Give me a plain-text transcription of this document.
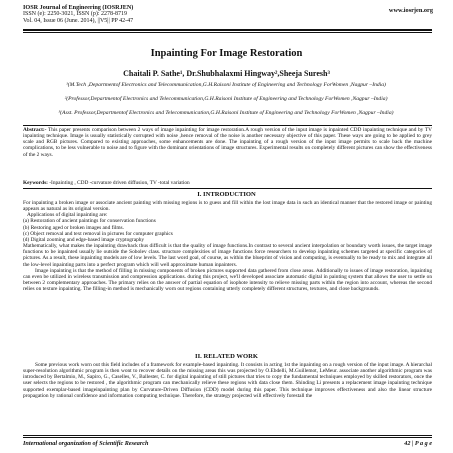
IOSR Journal of Engineering (IOSRJEN)
ISSN (e): 2250-3021, ISSN (p): 2278-8719
Vol. 04, Issue 06 (June. 2014), ||V5|| PP 42-47
www.iosrjen.org
Inpainting For Image Restoration
Chaitali P. Sathe¹, Dr.Shubhalaxmi Hingway²,Sheeja Suresh³
¹(M.Tech ,Departmentof Electronics and Telecommunication,G.H.Raisoni Institute of Engineering and Technology ForWomen ,Nagpur –India)
²(Professor,Departmentof Electronics and Telecommunication,G.H.Raisoni Institute of Engineering and Technology ForWomen ,Nagpur –India)
³(Asst. Professor,Departmentof Electronics and Telecommunication,G.H.Raisoni Institute of Engineering and Technology ForWomen ,Nagpur –India)

Abstract:- This paper presents comparison between 2 ways of image inpainting for image restoration.A rough version of the input image is inpainted CDD inpainting technique and by TV inpainting technique. Image is usually statistically corrupted with noise ,hence removal of the noise is another necessary objective of this paper. These ways are going to be applied to grey scale and RGB pictures. Compared to existing approaches, some enhancements are done. The inpainting of a rough version of the input image permits to scale back the machine complications, to be less vulnerable to noise and to figure with the dominant orientations of image structures. Experimental results on completely different pictures can show the effectiveness of the 2 ways.

Keywords: -Inpainting , CDD -curvature driven diffusion, TV -total variation

I. INTRODUCTION

For inpainting a broken image or associate ancient painting with missing regions is to guess and fill within the lost image data in such an identical manner that the restored image or painting appears as natural as its original version.

Applications of digital inpainting are:

(a) Restoration of ancient paintings for conservation functions

(b) Restoring aged or broken images and films.

(c) Object removal and text removal in pictures for computer graphics

(d) Digital zooming and edge-based image cryptography

Mathematically, what makes the inpainting drawback thus difficult is that the quality of image functions.In contrast to several ancient interpolation or boundary worth issues, the target image functions to be inpainted usually lie outside the Sobolev class. structure complexities of image functions force researchers to develop inpainting schemes targeted at specific categories of pictures. As a result, these inpainting models are of low levels. The last word goal, of course, as within the blueprint of vision and computing, is eventually to be ready to mix and integrate all the low-level inpainting parts into a perfect program which will well approximate human inpainters.

Image inpainting is that the method of filling in missing components of broken pictures supported data gathered from close areas. Additionally to issues of image restoration, inpainting can even be utilized in wireless transmission and compression applications. during this project, we'll developed associate automatic digital in painting system that allows the user to settle on between 2 complementary approaches. The primary relies on the answer of partial equation of isophote intensity to relieve missing parts within the region into account, whereas the second relies on texture inpainting. The filling-in method is mechanically worn out regions containing utterly completely different structures, textures, and close backgrounds.

II. RELATED WORK

Some previous work worn out this field includes of a framework for example-based inpainting. It consists in acting 1st the inpainting on a rough version of the input image. A hierarchal super-resolution algorithmic program is then wont to recover details on the missing areas this was projected by O.Ebdelli, M.Guillemot, LeMeur. associate another algorithmic program was introduced by Bertalmio, M., Sapiro, G., Caselles, V., Ballester, C. for digital inpainting of still pictures that tries to copy the fundamental techniques employed by skilled restorators, once the user selects the regions to be restored , the algorithmic program can mechanically relieve these regions with data close them. Shinding Li presents a replacement image inpainting technique supported exemplar-based imageinpainting plan by Curvature-Driven Diffusion (CDD) model during this paper. This technique improves effectiveness and also the linear structure propagation by rational confidence and information computing technique. Therefore, the strategy projected will effectively forestall the

International organization of Scientific Research	42 | P a g e
